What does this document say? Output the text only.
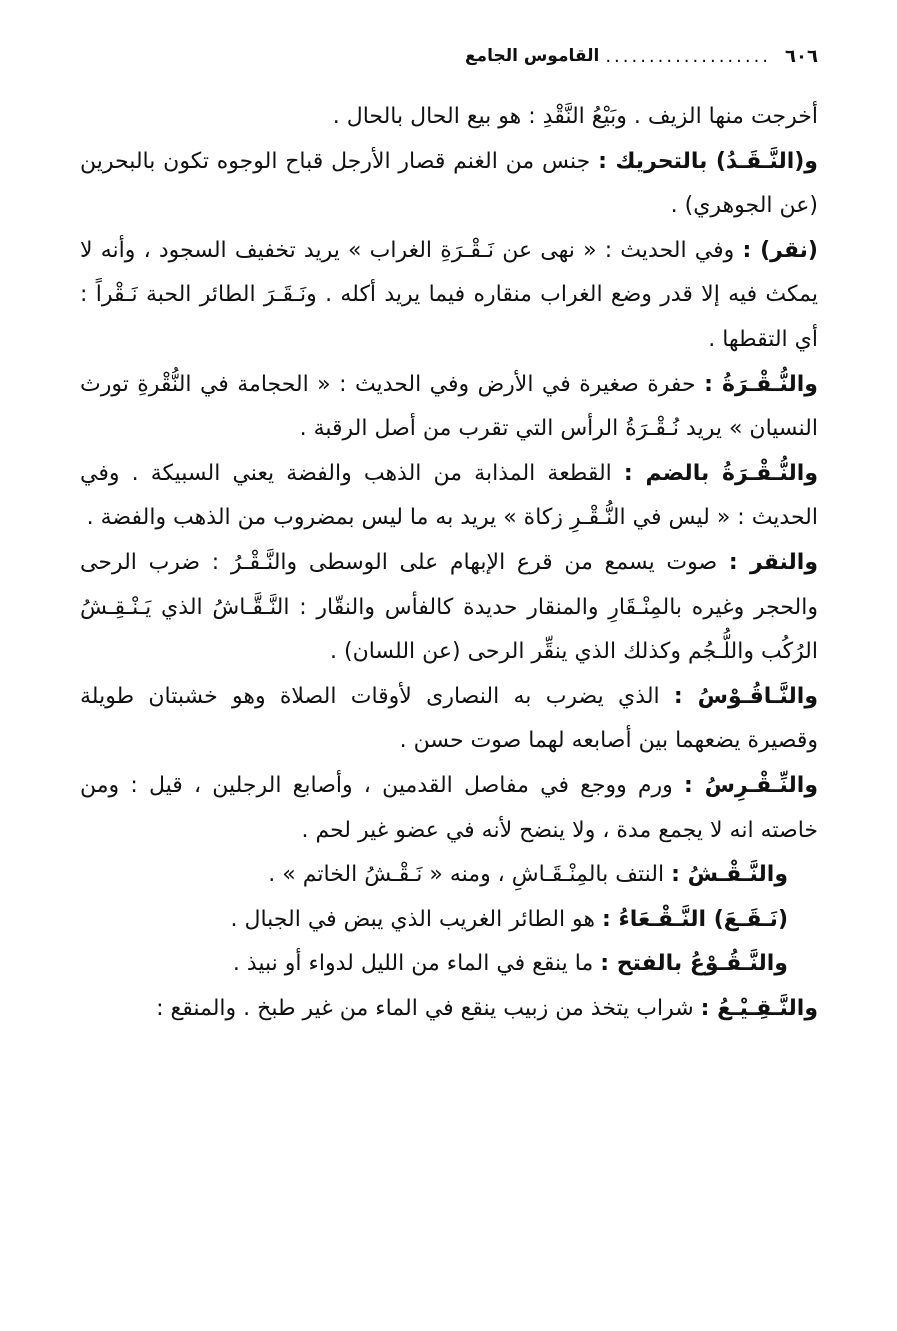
٦٠٦
...................
القاموس الجامع

أخرجت منها الزيف . وبَيْعُ النَّقْدِ : هو بيع الحال بالحال .

و(النَّـقَـدُ) بالتحريك : جنس من الغنم قصار الأرجل قباح الوجوه تكون بالبحرين (عن الجوهري) .

(نقر) : وفي الحديث : « نهى عن نَـقْـرَةِ الغراب » يريد تخفيف السجود ، وأنه لا يمكث فيه إلا قدر وضع الغراب منقاره فيما يريد أكله . ونَـقَـرَ الطائر الحبة نَـقْراً : أي التقطها .

والنُّـقْـرَةُ : حفرة صغيرة في الأرض وفي الحديث : « الحجامة في النُّقْرةِ تورث النسيان » يريد نُـقْـرَةُ الرأس التي تقرب من أصل الرقبة .

والنُّـقْـرَةُ بالضم : القطعة المذابة من الذهب والفضة يعني السبيكة . وفي الحديث : « ليس في النُّـقْـرِ زكاة » يريد به ما ليس بمضروب من الذهب والفضة .

والنقر : صوت يسمع من قرع الإبهام على الوسطى والنَّـقْـرُ : ضرب الرحى والحجر وغيره بالمِنْـقَارِ والمنقار حديدة كالفأس والنقّار : النَّـقَّـاشُ الذي يَـنْـقِـشُ الرُكُب واللُّـجُم وكذلك الذي ينقِّر الرحى (عن اللسان) .

والنَّـاقُـوْسُ : الذي يضرب به النصارى لأوقات الصلاة وهو خشبتان طويلة وقصيرة يضعهما بين أصابعه لهما صوت حسن .

والنِّـقْـرِسُ : ورم ووجع في مفاصل القدمين ، وأصابع الرجلين ، قيل : ومن خاصته انه لا يجمع مدة ، ولا ينضح لأنه في عضو غير لحم .

والنَّـقْـشُ : النتف بالمِنْـقَـاشِ ، ومنه « نَـقْـشُ الخاتم » .

(نَـقَـعَ) النَّـقْـعَاءُ : هو الطائر الغريب الذي يبض في الجبال .

والنَّـقُـوْعُ بالفتح : ما ينقع في الماء من الليل لدواء أو نبيذ .

والنَّـقِـيْـعُ : شراب يتخذ من زبيب ينقع في الماء من غير طبخ . والمنقع :
